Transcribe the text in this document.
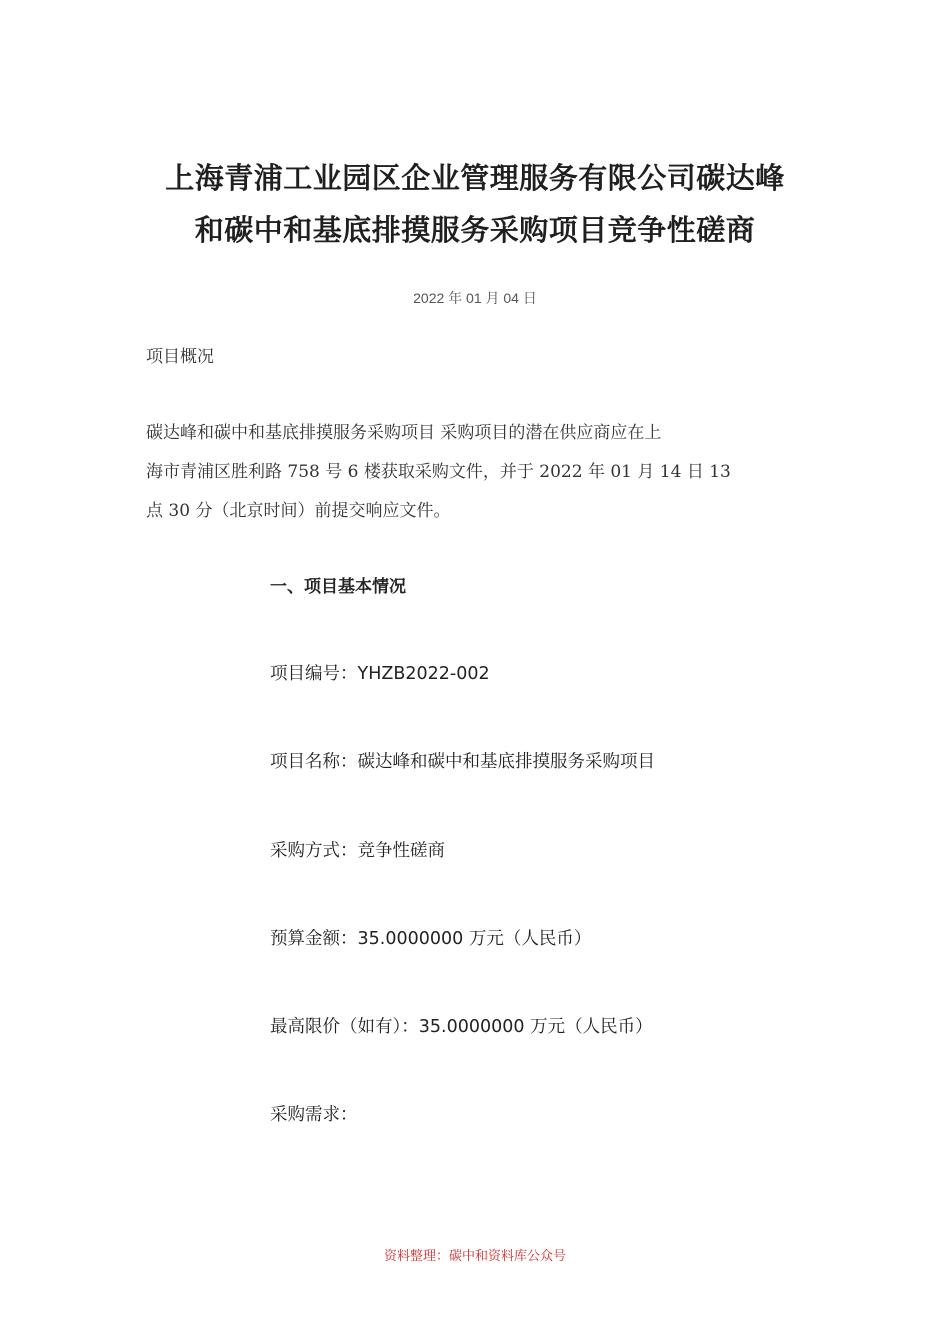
上海青浦工业园区企业管理服务有限公司碳达峰
和碳中和基底排摸服务采购项目竞争性磋商
2022 年 01 月 04 日
项目概况
碳达峰和碳中和基底排摸服务采购项目 采购项目的潜在供应商应在上
海市青浦区胜利路 758 号 6 楼获取采购文件，并于 2022 年 01 月 14 日 13
点 30 分（北京时间）前提交响应文件。
一、项目基本情况
项目编号：YHZB2022-002
项目名称：碳达峰和碳中和基底排摸服务采购项目
采购方式：竞争性磋商
预算金额：35.0000000 万元（人民币）
最高限价（如有）：35.0000000 万元（人民币）
采购需求：
资料整理：碳中和资料库公众号
